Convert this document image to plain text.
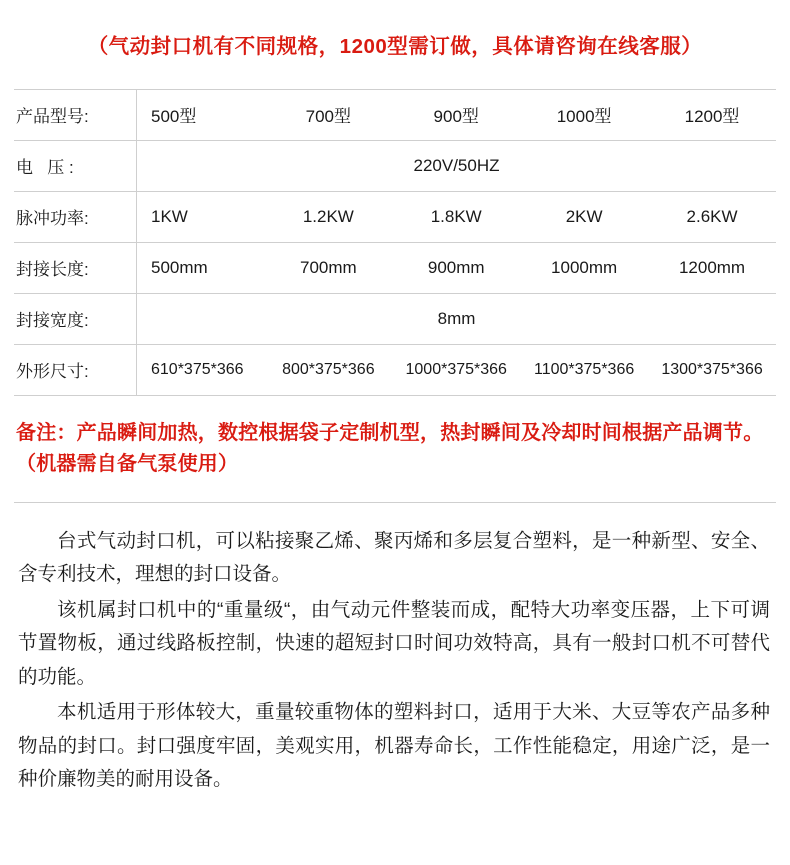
（气动封口机有不同规格，1200型需订做，具体请咨询在线客服）
产品型号:	500型	700型	900型	1000型	1200型
电 压:	220V/50HZ				
脉冲功率:	1KW	1.2KW	1.8KW	2KW	2.6KW
封接长度:	500mm	700mm	900mm	1000mm	1200mm
封接宽度:	8mm				
外形尺寸:	610*375*366	800*375*366	1000*375*366	1100*375*366	1300*375*366
备注：产品瞬间加热，数控根据袋子定制机型，热封瞬间及冷却时间根据产品调节。（机器需自备气泵使用）

台式气动封口机，可以粘接聚乙烯、聚丙烯和多层复合塑料，是一种新型、安全、含专利技术，理想的封口设备。

该机属封口机中的“重量级“，由气动元件整装而成，配特大功率变压器，上下可调节置物板，通过线路板控制，快速的超短封口时间功效特高，具有一般封口机不可替代的功能。

本机适用于形体较大，重量较重物体的塑料封口，适用于大米、大豆等农产品多种物品的封口。封口强度牢固，美观实用，机器寿命长，工作性能稳定，用途广泛，是一种价廉物美的耐用设备。
